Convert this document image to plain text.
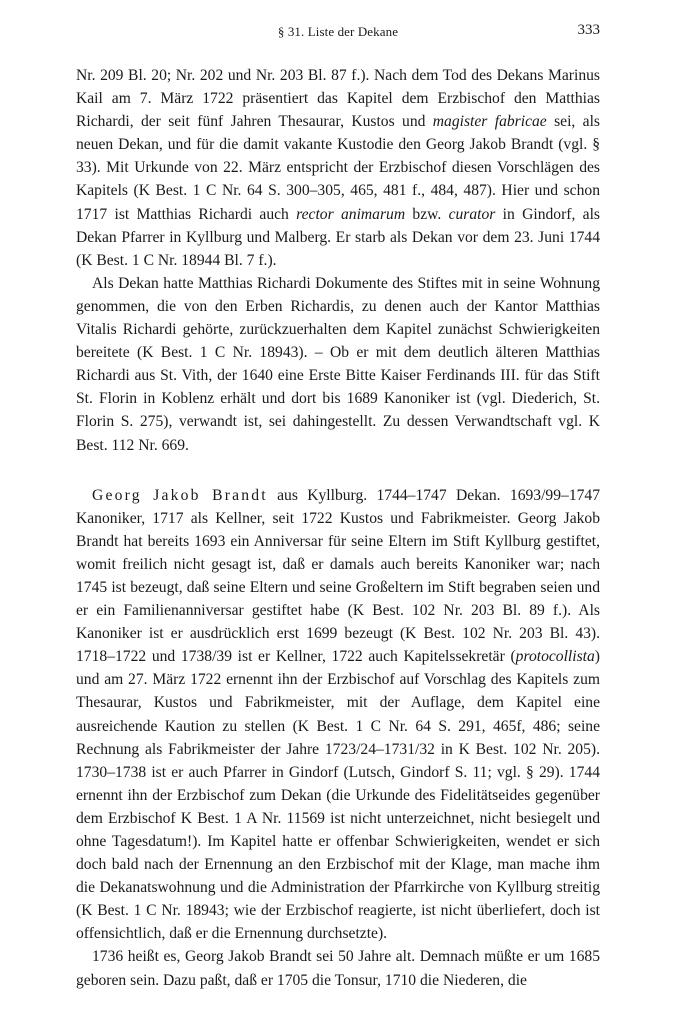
§ 31. Liste der Dekane	333

Nr. 209 Bl. 20; Nr. 202 und Nr. 203 Bl. 87 f.). Nach dem Tod des Dekans Marinus Kail am 7. März 1722 präsentiert das Kapitel dem Erzbischof den Matthias Richardi, der seit fünf Jahren Thesaurar, Kustos und magister fabricae sei, als neuen Dekan, und für die damit vakante Kustodie den Georg Jakob Brandt (vgl. § 33). Mit Urkunde von 22. März entspricht der Erzbischof diesen Vorschlägen des Kapitels (K Best. 1 C Nr. 64 S. 300–305, 465, 481 f., 484, 487). Hier und schon 1717 ist Matthias Richardi auch rector animarum bzw. curator in Gindorf, als Dekan Pfarrer in Kyllburg und Malberg. Er starb als Dekan vor dem 23. Juni 1744 (K Best. 1 C Nr. 18944 Bl. 7 f.).

Als Dekan hatte Matthias Richardi Dokumente des Stiftes mit in seine Wohnung genommen, die von den Erben Richardis, zu denen auch der Kantor Matthias Vitalis Richardi gehörte, zurückzuerhalten dem Kapitel zunächst Schwierigkeiten bereitete (K Best. 1 C Nr. 18943). – Ob er mit dem deutlich älteren Matthias Richardi aus St. Vith, der 1640 eine Erste Bitte Kaiser Ferdinands III. für das Stift St. Florin in Koblenz erhält und dort bis 1689 Kanoniker ist (vgl. Diederich, St. Florin S. 275), verwandt ist, sei dahingestellt. Zu dessen Verwandtschaft vgl. K Best. 112 Nr. 669.

Georg Jakob Brandt aus Kyllburg. 1744–1747 Dekan. 1693/99–1747 Kanoniker, 1717 als Kellner, seit 1722 Kustos und Fabrikmeister. Georg Jakob Brandt hat bereits 1693 ein Anniversar für seine Eltern im Stift Kyllburg gestiftet, womit freilich nicht gesagt ist, daß er damals auch bereits Kanoniker war; nach 1745 ist bezeugt, daß seine Eltern und seine Großeltern im Stift begraben seien und er ein Familienanniversar gestiftet habe (K Best. 102 Nr. 203 Bl. 89 f.). Als Kanoniker ist er ausdrücklich erst 1699 bezeugt (K Best. 102 Nr. 203 Bl. 43). 1718–1722 und 1738/39 ist er Kellner, 1722 auch Kapitelssekretär (protocollista) und am 27. März 1722 ernennt ihn der Erzbischof auf Vorschlag des Kapitels zum Thesaurar, Kustos und Fabrikmeister, mit der Auflage, dem Kapitel eine ausreichende Kaution zu stellen (K Best. 1 C Nr. 64 S. 291, 465f, 486; seine Rechnung als Fabrikmeister der Jahre 1723/24–1731/32 in K Best. 102 Nr. 205). 1730–1738 ist er auch Pfarrer in Gindorf (Lutsch, Gindorf S. 11; vgl. § 29). 1744 ernennt ihn der Erzbischof zum Dekan (die Urkunde des Fidelitätseides gegenüber dem Erzbischof K Best. 1 A Nr. 11569 ist nicht unterzeichnet, nicht besiegelt und ohne Tagesdatum!). Im Kapitel hatte er offenbar Schwierigkeiten, wendet er sich doch bald nach der Ernennung an den Erzbischof mit der Klage, man mache ihm die Dekanatswohnung und die Administration der Pfarrkirche von Kyllburg streitig (K Best. 1 C Nr. 18943; wie der Erzbischof reagierte, ist nicht überliefert, doch ist offensichtlich, daß er die Ernennung durchsetzte).

1736 heißt es, Georg Jakob Brandt sei 50 Jahre alt. Demnach müßte er um 1685 geboren sein. Dazu paßt, daß er 1705 die Tonsur, 1710 die Niederen, die
